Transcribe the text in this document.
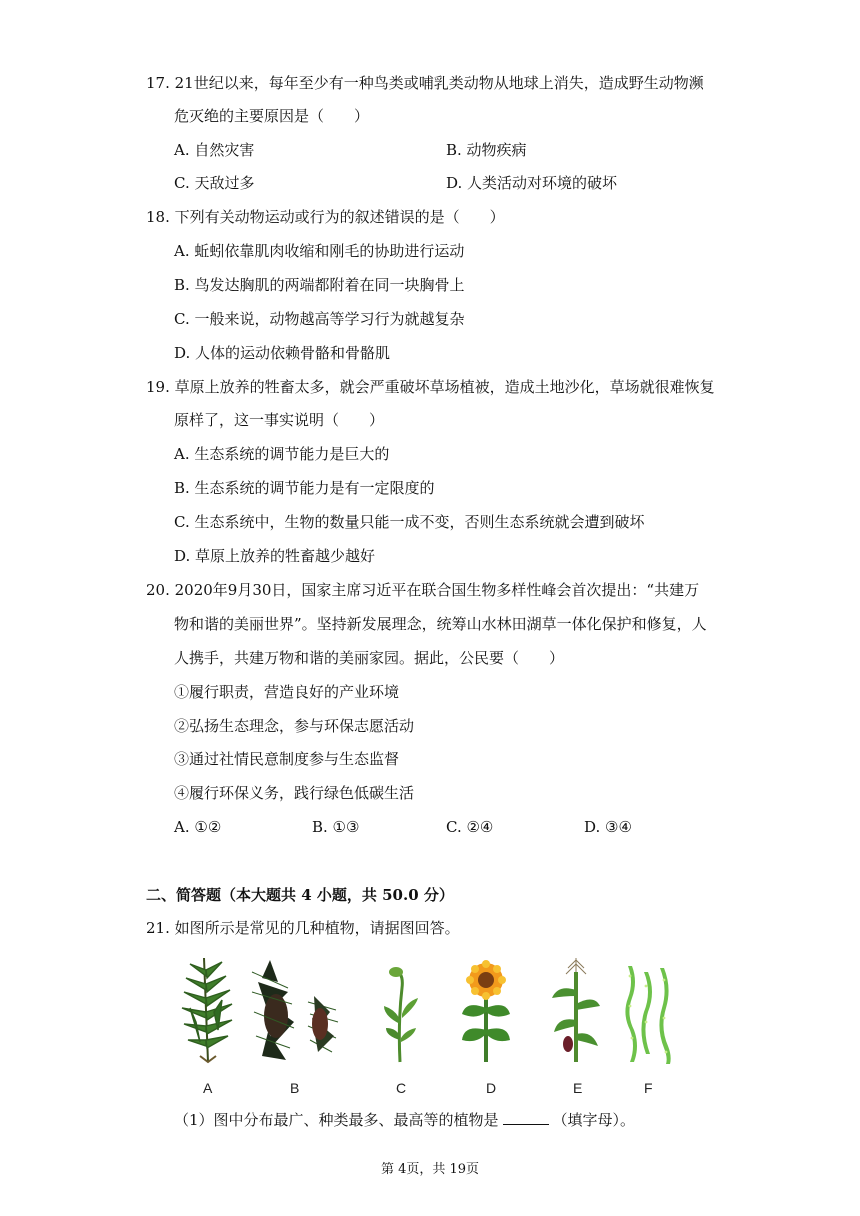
17. 21世纪以来，每年至少有一种鸟类或哺乳类动物从地球上消失，造成野生动物濒
危灭绝的主要原因是（　　）
A. 自然灾害	B. 动物疾病
C. 天敌过多	D. 人类活动对环境的破坏
18. 下列有关动物运动或行为的叙述错误的是（　　）
A. 蚯蚓依靠肌肉收缩和刚毛的协助进行运动
B. 鸟发达胸肌的两端都附着在同一块胸骨上
C. 一般来说，动物越高等学习行为就越复杂
D. 人体的运动依赖骨骼和骨骼肌
19. 草原上放养的牲畜太多，就会严重破坏草场植被，造成土地沙化，草场就很难恢复
原样了，这一事实说明（　　）
A. 生态系统的调节能力是巨大的
B. 生态系统的调节能力是有一定限度的
C. 生态系统中，生物的数量只能一成不变，否则生态系统就会遭到破坏
D. 草原上放养的牲畜越少越好
20. 2020年9月30日，国家主席习近平在联合国生物多样性峰会首次提出：“共建万
物和谐的美丽世界”。坚持新发展理念，统筹山水林田湖草一体化保护和修复，人
人携手，共建万物和谐的美丽家园。据此，公民要（　　）
①履行职责，营造良好的产业环境
②弘扬生态理念，参与环保志愿活动
③通过社情民意制度参与生态监督
④履行环保义务，践行绿色低碳生活
A. ①②	B. ①③	C. ②④	D. ③④
二、简答题（本大题共 4 小题，共 50.0 分）
21. 如图所示是常见的几种植物，请据图回答。
A	B	C	D	E	F
（1）图中分布最广、种类最多、最高等的植物是	（填字母）。
第 4页，共 19页
